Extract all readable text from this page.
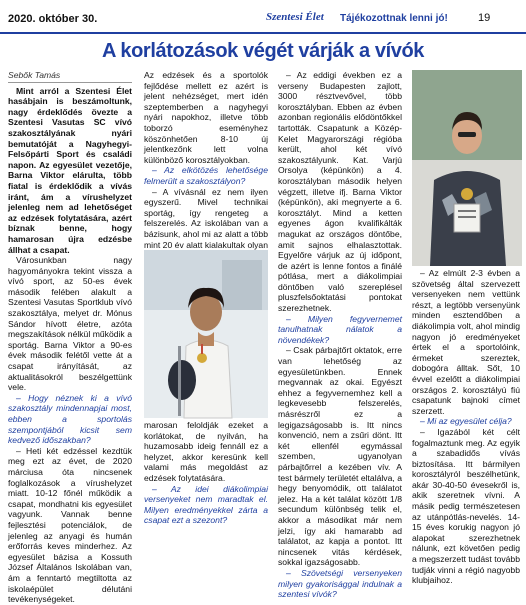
2020. október 30.	Szentesi Élet Tájékozottnak lenni jó!	19
A korlátozások végét várják a vívók
Sebők Tamás

Mint arról a Szentesi Élet hasábjain is beszámoltunk, nagy érdeklődés övezte a Szentesi Vasutas SC vívó szakosztályának nyári bemutatóját a Nagyhegyi-Felsőpárti Sport és családi napon. Az egyesület vezetője, Barna Viktor elárulta, több fiatal is érdeklődik a vívás iránt, ám a vírushelyzet jelenleg nem ad lehetőséget az edzések folytatására, azért bíznak benne, hogy hamarosan újra edzésbe állhat a csapat.

Városunkban nagy hagyományokra tekint vissza a vívó sport, az 50-es évek második felében alakult a Szentesi Vasutas Sportklub vívó szakosztálya, melyet dr. Mónus Sándor hívott életre, azóta megszakítások nélkül működik a sportág. Barna Viktor a 90-es évek második felétől vette át a csapat irányítását, az aktualitásokról beszélgettünk vele.

– Hogy néznek ki a vívó szakosztály mindennapjai most, ebben a sportolás szempontjából kicsit sem kedvező időszakban?

– Heti két edzéssel kezdtük meg ezt az évet, de 2020 márciusa óta nincsenek foglalkozások a vírushelyzet miatt. 10-12 főnél működik a csapat, mondhatni kis egyesület vagyunk. Vannak benne fejlesztési potenciálok, de jelenleg az anyagi és humán erőforrás keves minderhez. Az egyesület bázisa a Kossuth József Általános Iskolában van, ám a fenntartó megtiltotta az iskolaépület délutáni tevékenységeket.

Az edzések és a sportolók fejlődése mellett ez azért is jelent nehézséget, mert idén szeptemberben a nagyhegyi nyári napokhoz, illetve több toborzó eseményhez köszönhetően 8-10 új jelentkezőnk lett volna különböző korosztályokban.

– Az elkötözés lehetősége felmerült a szakosztályon?

– A vívásnál ez nem ilyen egyszerű. Mivel technikai sportág, így rengeteg a felszerelés. Az iskolában van a bázisunk, ahol mi az alatt a több mint 20 év alatt kialakultak olyan

marosan feloldják ezeket a korlátokat, de nyilván, ha huzamosabb ideig fennáll ez a helyzet, akkor keresünk kell valami más megoldást az edzések folytatására.

– Az idei diákolimpiai versenyeket nem maradtak el. Milyen eredményekkel zárta a csapat ezt a szezont?

– Az eddigi években ez a verseny Budapesten zajlott, 3000 résztvevővel, több korosztályban. Ebben az évben azonban regionális elődöntőkkel tartották. Csapatunk a Közép-Kelet Magyarországi régióba került, ahol két vívó szakosztályunk. Kat. Varjú Orsolya (képünkön) a 4. korosztályban második helyen végzett, illetve ifj. Barna Viktor (képünkön), aki megnyerte a 6. korosztályt. Mind a ketten egyenes ágon kvalifikálták magukat az országos döntőbe, amit sajnos elhalasztottak. Egyelőre várjuk az új időpont, de azért is lenne fontos a finálé pótlása, mert a diákolimpiai döntőben való szereplésel pluszfelsőoktatási pontokat szerezhetnek.

– Milyen fegyvernemet tanulhatnak nálatok a növendékek?

– Csak párbajtőrt oktatok, erre van lehetőség az egyesületünkben. Ennek megvannak az okai. Egyészt ehhez a fegyvernemhez kell a legkevesebb felszerelés, másrészről ez a legigazságosabb is. Itt nincs konvenció, nem a zsűri dönt. Itt két ellenfél egymással szemben, ugyanolyan párbajtőrrel a kezében vív. A test bármely területét eltalálva, a hegy benyomódik, ott találatot jelez. Ha a két találat között 1/8 secundum különbség telik el, akkor a másodikat már nem jelzi, így aki hamarabb ad találatot, az kapja a pontot. Itt nincsenek vitás kérdések, sokkal igazságosabb.

– Szövetségi versenyeken milyen gyakorisággal indulnak a szentesi vívók?

– Az elmúlt 2-3 évben a szövetség által szervezett versenyeken nem vettünk részt, a legtöbb versenyünk minden esztendőben a diákolimpia volt, ahol mindig nagyon jó eredményeket értek el a sportolóink, érmeket szereztek, dobogóra álltak. Sőt, 10 évvel ezelőtt a diákolimpiai országos 2. korosztályú fiú csapatunk bajnoki címet szerzett.

– Mi az egyesület célja?

– Igazából két célt fogalmaztunk meg. Az egyik a szabadidős vívás biztosítása. Itt bármilyen korosztályról beszélhetünk, akár 30-40-50 évesekről is, akik szeretnek vívni. A másik pedig természetesen az utánpótlás-nevelés. 14-15 éves korukig nagyon jó alapokat szerezhetnek nálunk, ezt követően pedig a megszerzett tudást tovább tudják vinni a régió nagyobb klubjaihoz.
